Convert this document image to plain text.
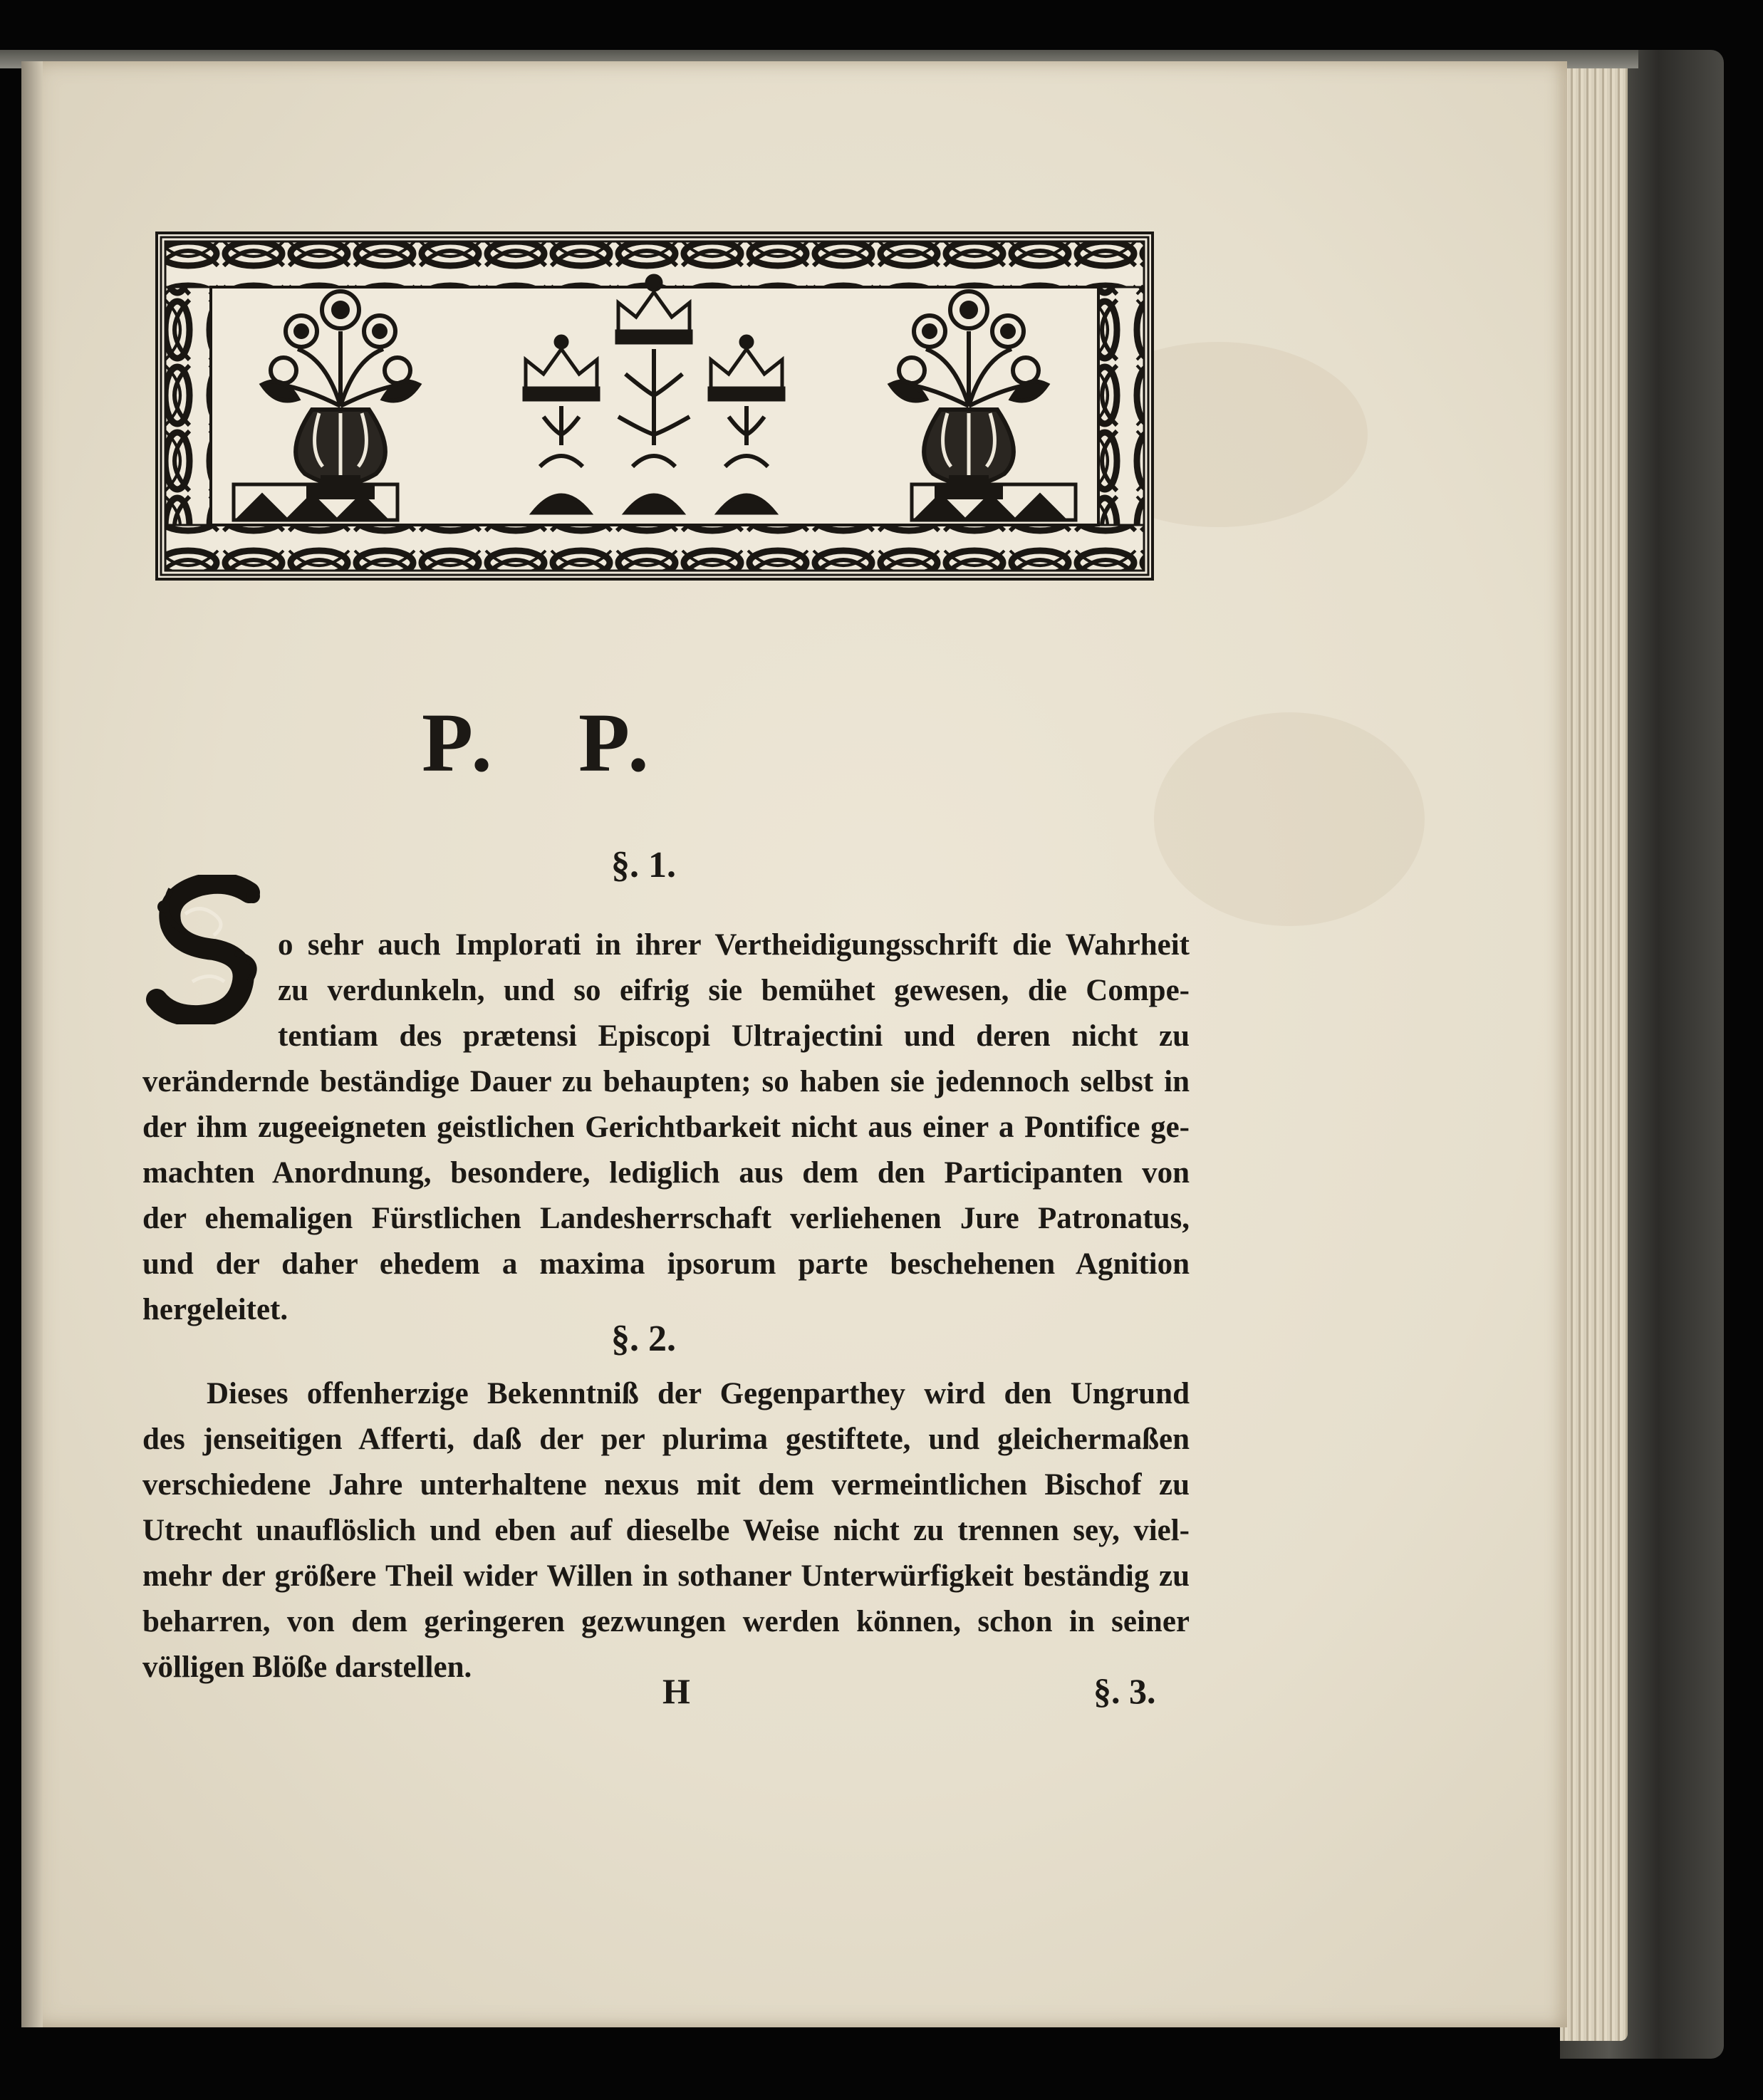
P. P.
§. 1.
o sehr auch Implorati in ihrer Vertheidigungsschrift die Wahrheit
zu verdunkeln, und so eifrig sie bemühet gewesen, die Compe-
tentiam des prætensi Episcopi Ultrajectini und deren nicht zu
verändernde beständige Dauer zu behaupten; so haben sie jedennoch selbst in
der ihm zugeeigneten geistlichen Gerichtbarkeit nicht aus einer a Pontifice ge-
machten Anordnung, besondere, lediglich aus dem den Participanten von
der ehemaligen Fürstlichen Landesherrschaft verliehenen Jure Patronatus,
und der daher ehedem a maxima ipsorum parte beschehenen Agnition
hergeleitet.
§. 2.
Dieses offenherzige Bekenntniß der Gegenparthey wird den Ungrund
des jenseitigen Afferti, daß der per plurima gestiftete, und gleichermaßen
verschiedene Jahre unterhaltene nexus mit dem vermeintlichen Bischof zu
Utrecht unauflöslich und eben auf dieselbe Weise nicht zu trennen sey, viel-
mehr der größere Theil wider Willen in sothaner Unterwürfigkeit beständig zu
beharren, von dem geringeren gezwungen werden können, schon in seiner
völligen Blöße darstellen.
H	§. 3.
